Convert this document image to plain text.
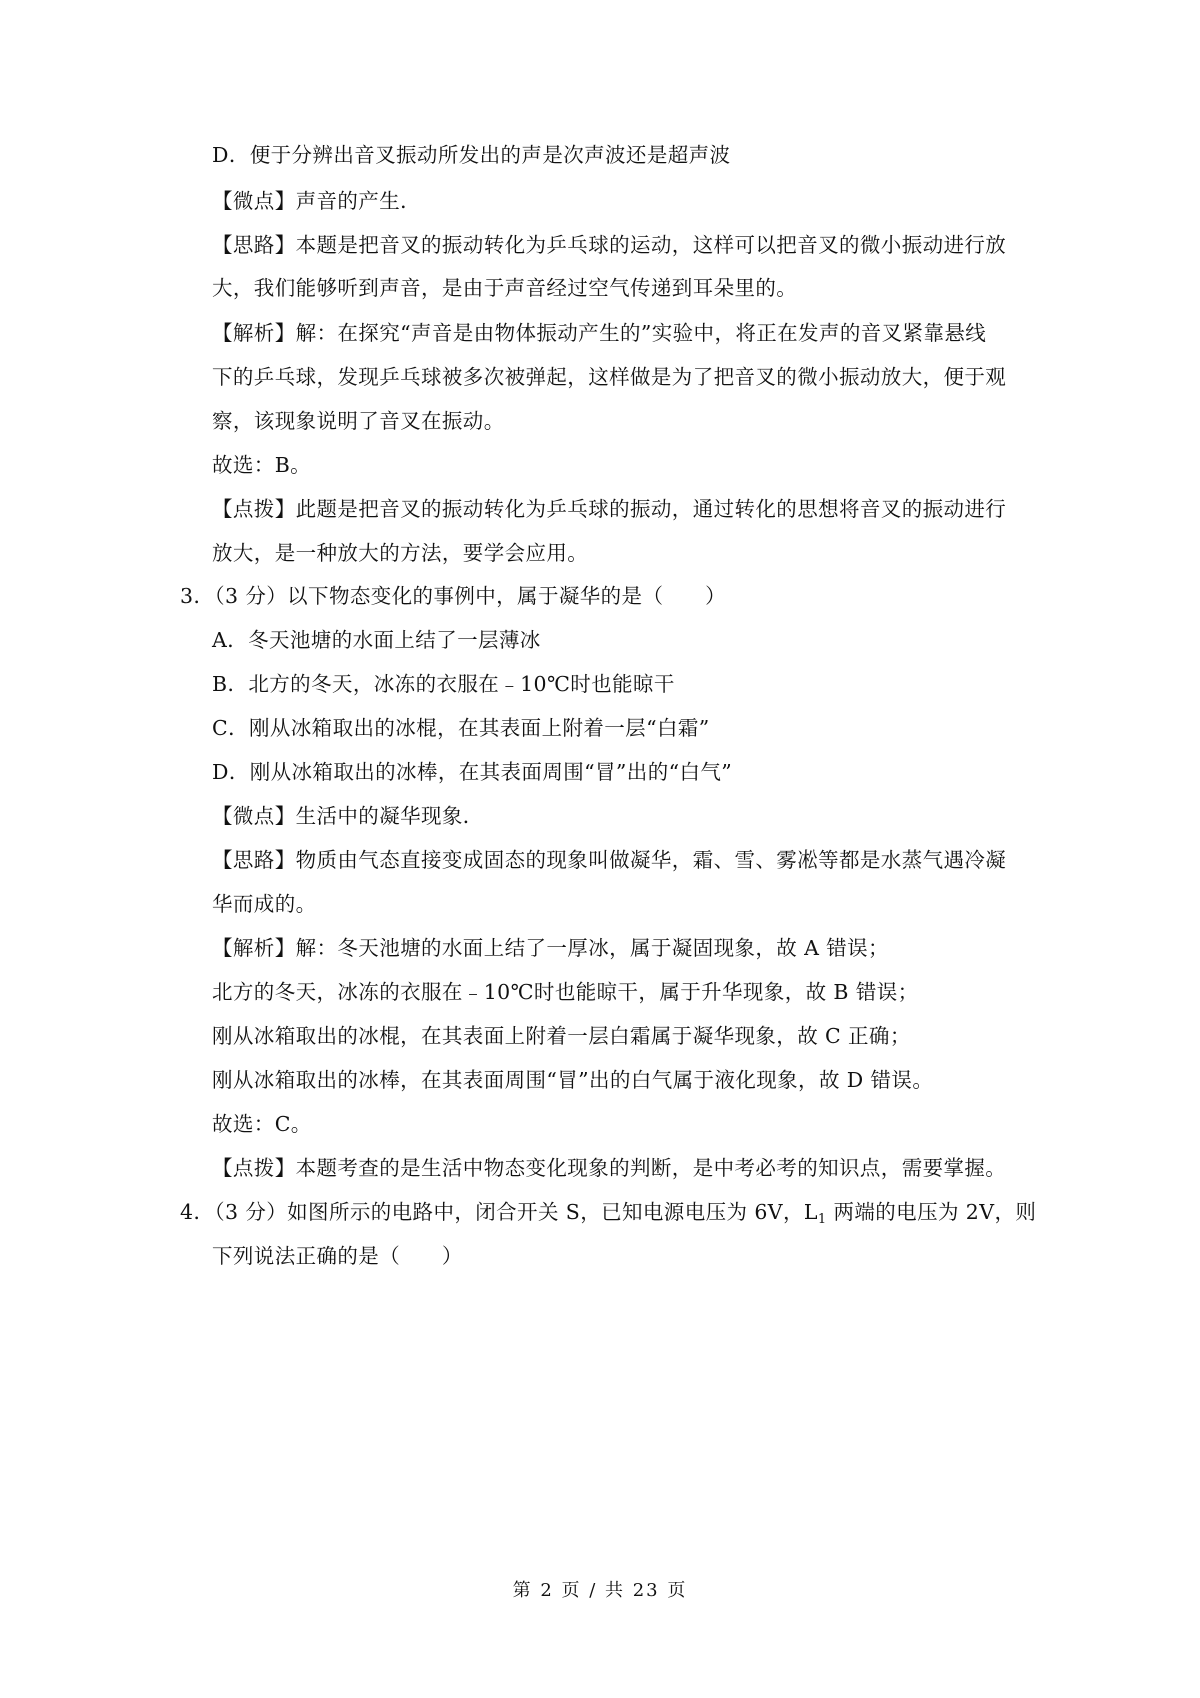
D．便于分辨出音叉振动所发出的声是次声波还是超声波
【微点】声音的产生．
【思路】本题是把音叉的振动转化为乒乓球的运动，这样可以把音叉的微小振动进行放
大，我们能够听到声音，是由于声音经过空气传递到耳朵里的。
【解析】解：在探究“声音是由物体振动产生的”实验中，将正在发声的音叉紧靠悬线
下的乒乓球，发现乒乓球被多次被弹起，这样做是为了把音叉的微小振动放大，便于观
察，该现象说明了音叉在振动。
故选：B。
【点拨】此题是把音叉的振动转化为乒乓球的振动，通过转化的思想将音叉的振动进行
放大，是一种放大的方法，要学会应用。
3．（3 分）以下物态变化的事例中，属于凝华的是（　　）
A．冬天池塘的水面上结了一层薄冰
B．北方的冬天，冰冻的衣服在﹣10℃时也能晾干
C．刚从冰箱取出的冰棍，在其表面上附着一层“白霜”
D．刚从冰箱取出的冰棒，在其表面周围“冒”出的“白气”
【微点】生活中的凝华现象．
【思路】物质由气态直接变成固态的现象叫做凝华，霜、雪、雾凇等都是水蒸气遇冷凝
华而成的。
【解析】解：冬天池塘的水面上结了一厚冰，属于凝固现象，故 A 错误；
北方的冬天，冰冻的衣服在﹣10℃时也能晾干，属于升华现象，故 B 错误；
刚从冰箱取出的冰棍，在其表面上附着一层白霜属于凝华现象，故 C 正确；
刚从冰箱取出的冰棒，在其表面周围“冒”出的白气属于液化现象，故 D 错误。
故选：C。
【点拨】本题考查的是生活中物态变化现象的判断，是中考必考的知识点，需要掌握。
4．（3 分）如图所示的电路中，闭合开关 S，已知电源电压为 6V，$L_1$ 两端的电压为 2V，则
下列说法正确的是（　　）
第 2 页 / 共 23 页
